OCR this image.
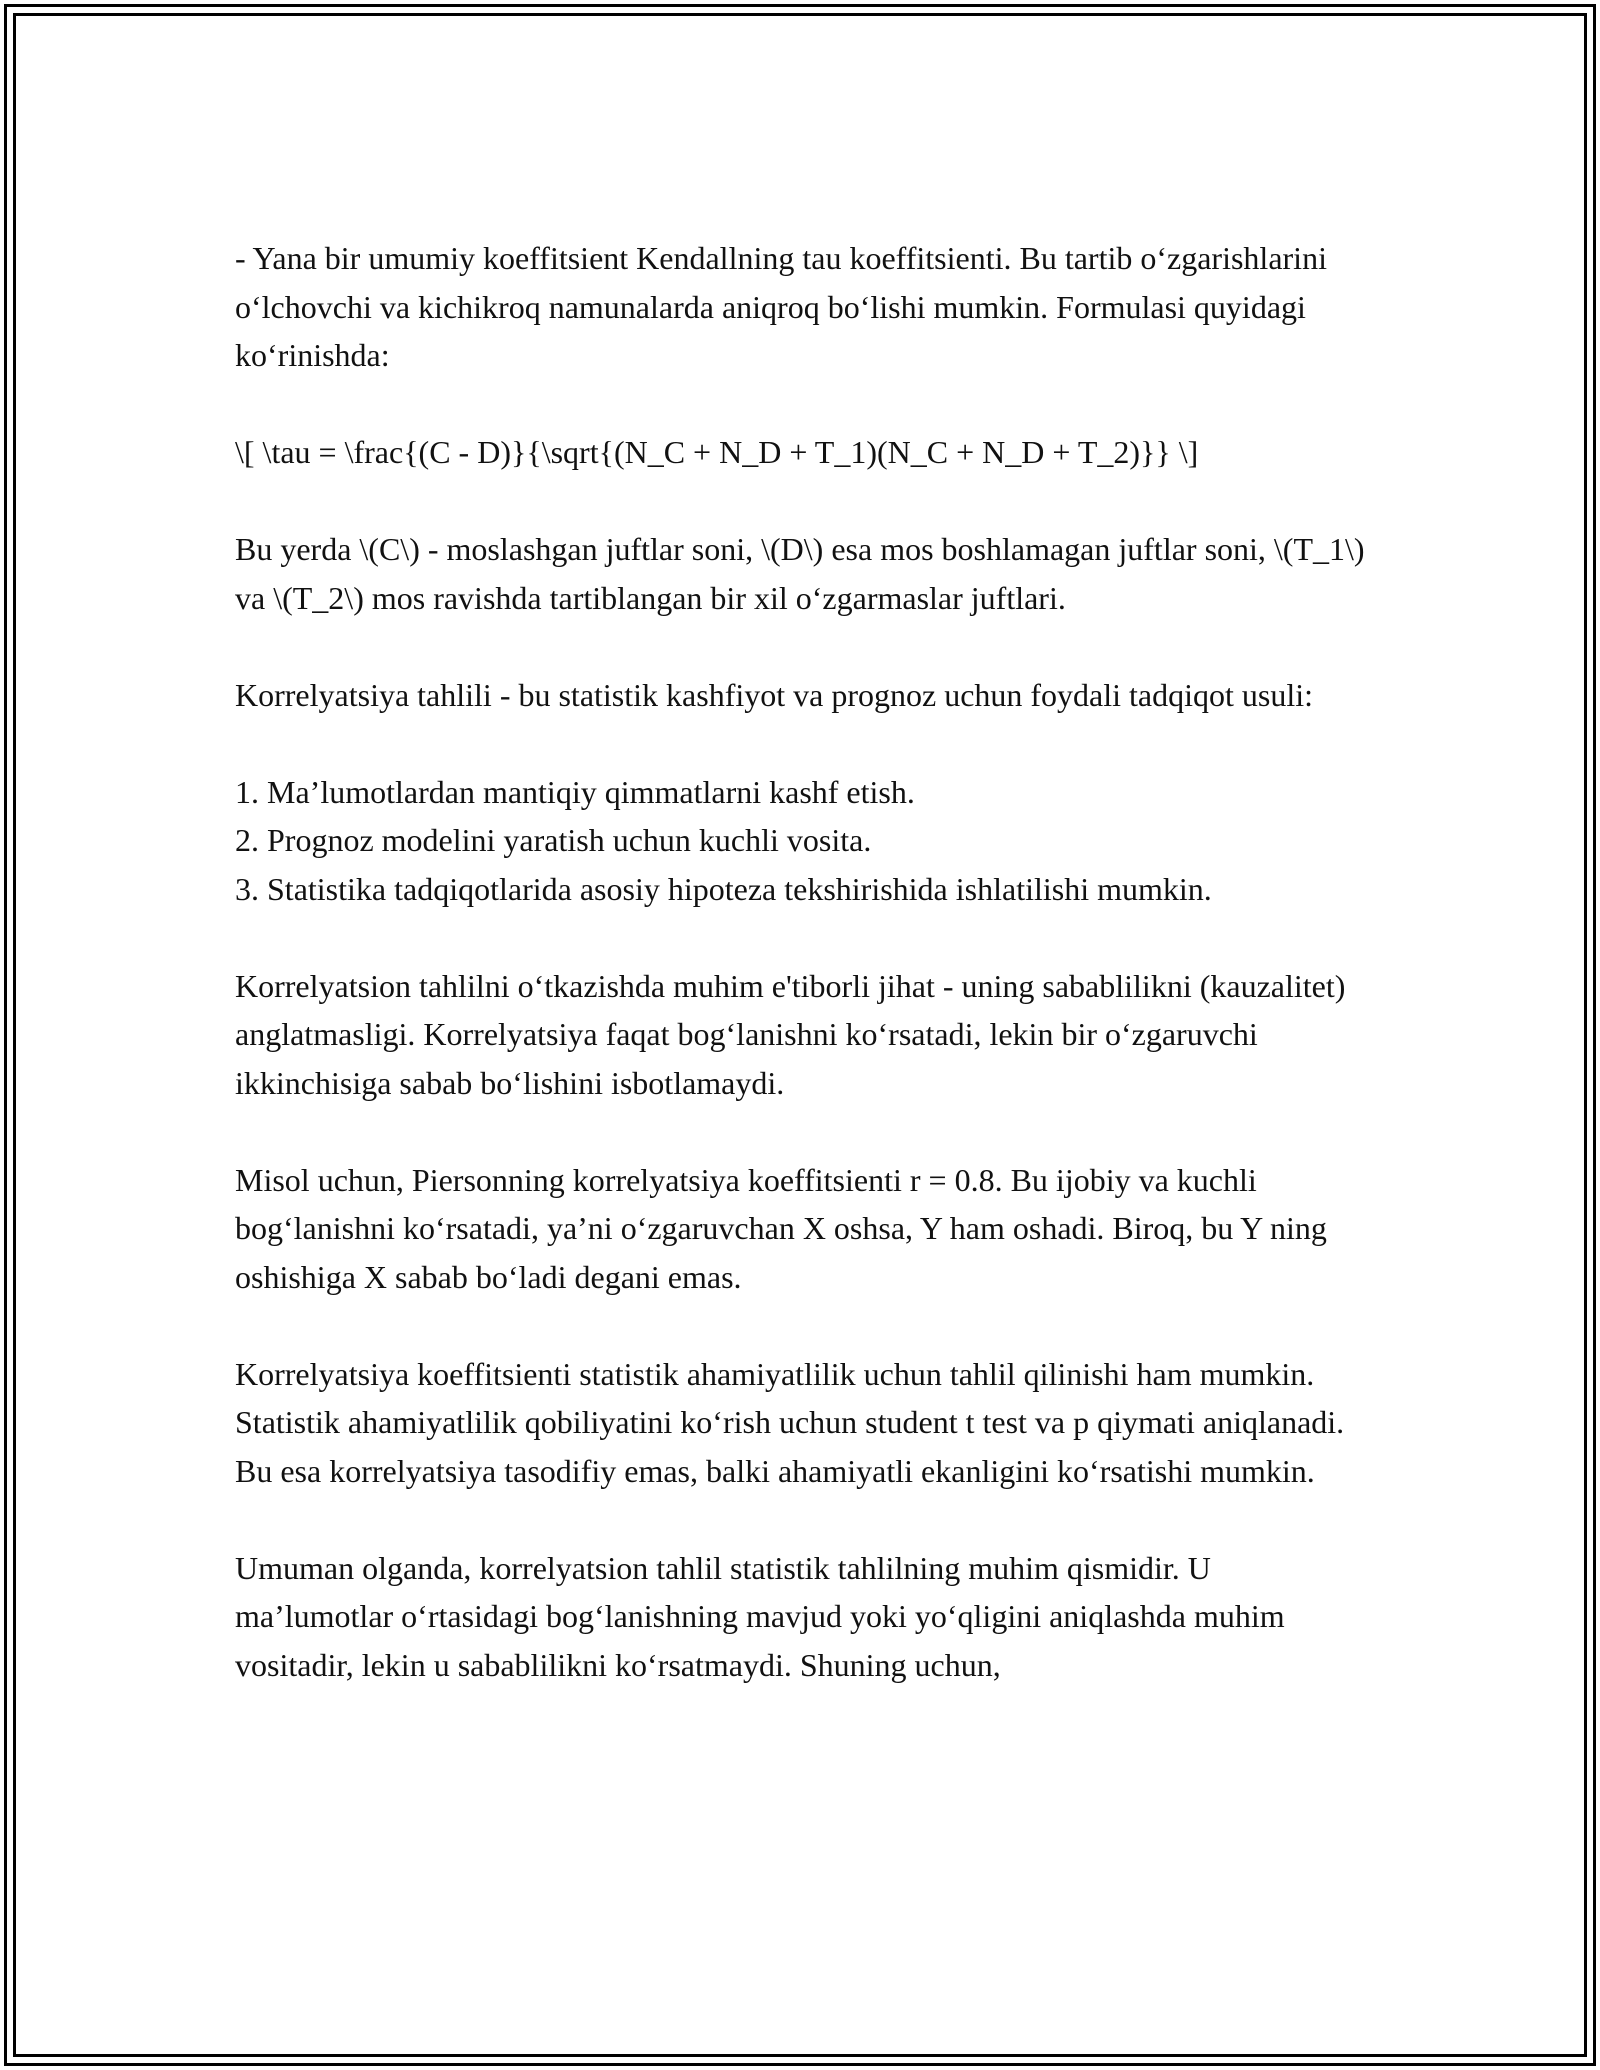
- Yana bir umumiy koeffitsient Kendallning tau koeffitsienti. Bu tartib o‘zgarishlarini o‘lchovchi va kichikroq namunalarda aniqroq bo‘lishi mumkin. Formulasi quyidagi ko‘rinishda:

\[ \tau = \frac{(C - D)}{\sqrt{(N_C + N_D + T_1)(N_C + N_D + T_2)}} \]

Bu yerda \(C\) - moslashgan juftlar soni, \(D\) esa mos boshlamagan juftlar soni, \(T_1\) va \(T_2\) mos ravishda tartiblangan bir xil o‘zgarmaslar juftlari.

Korrelyatsiya tahlili - bu statistik kashfiyot va prognoz uchun foydali tadqiqot usuli:

1. Ma’lumotlardan mantiqiy qimmatlarni kashf etish.
2. Prognoz modelini yaratish uchun kuchli vosita.
3. Statistika tadqiqotlarida asosiy hipoteza tekshirishida ishlatilishi mumkin.

Korrelyatsion tahlilni o‘tkazishda muhim e'tiborli jihat - uning sabablilikni (kauzalitet) anglatmasligi. Korrelyatsiya faqat bog‘lanishni ko‘rsatadi, lekin bir o‘zgaruvchi ikkinchisiga sabab bo‘lishini isbotlamaydi.

Misol uchun, Piersonning korrelyatsiya koeffitsienti r = 0.8. Bu ijobiy va kuchli bog‘lanishni ko‘rsatadi, ya’ni o‘zgaruvchan X oshsa, Y ham oshadi. Biroq, bu Y ning oshishiga X sabab bo‘ladi degani emas.

Korrelyatsiya koeffitsienti statistik ahamiyatlilik uchun tahlil qilinishi ham mumkin. Statistik ahamiyatlilik qobiliyatini ko‘rish uchun student t test va p qiymati aniqlanadi. Bu esa korrelyatsiya tasodifiy emas, balki ahamiyatli ekanligini ko‘rsatishi mumkin.

Umuman olganda, korrelyatsion tahlil statistik tahlilning muhim qismidir. U ma’lumotlar o‘rtasidagi bog‘lanishning mavjud yoki yo‘qligini aniqlashda muhim vositadir, lekin u sabablilikni ko‘rsatmaydi. Shuning uchun,
